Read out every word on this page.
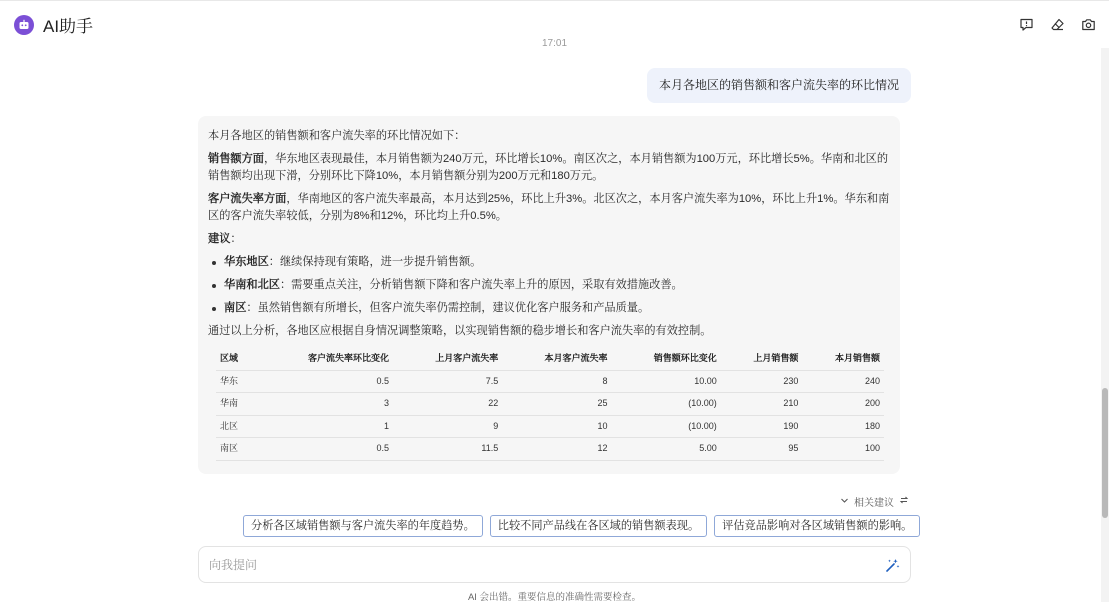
AI助手
17:01
本月各地区的销售额和客户流失率的环比情况

本月各地区的销售额和客户流失率的环比情况如下：

销售额方面，华东地区表现最佳，本月销售额为240万元，环比增长10%。南区次之，本月销售额为100万元，环比增长5%。华南和北区的销售额均出现下滑，分别环比下降10%，本月销售额分别为200万元和180万元。

客户流失率方面，华南地区的客户流失率最高，本月达到25%，环比上升3%。北区次之，本月客户流失率为10%，环比上升1%。华东和南区的客户流失率较低，分别为8%和12%，环比均上升0.5%。

建议：

华东地区：继续保持现有策略，进一步提升销售额。
华南和北区：需要重点关注，分析销售额下降和客户流失率上升的原因，采取有效措施改善。
南区：虽然销售额有所增长，但客户流失率仍需控制，建议优化客户服务和产品质量。

通过以上分析，各地区应根据自身情况调整策略，以实现销售额的稳步增长和客户流失率的有效控制。

区域	客户流失率环比变化	上月客户流失率	本月客户流失率	销售额环比变化	上月销售额	本月销售额
华东	0.5	7.5	8	10.00	230	240
华南	3	22	25	(10.00)	210	200
北区	1	9	10	(10.00)	190	180
南区	0.5	11.5	12	5.00	95	100
相关建议
分析各区域销售额与客户流失率的年度趋势。	比较不同产品线在各区域的销售额表现。	评估竞品影响对各区域销售额的影响。
向我提问
AI 会出错。重要信息的准确性需要检查。
